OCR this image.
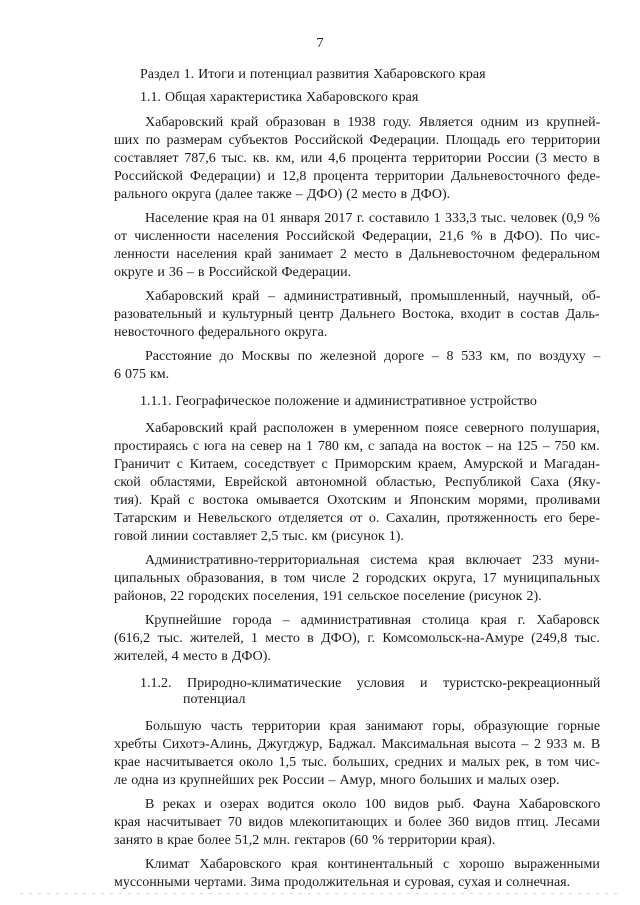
7
Раздел 1. Итоги и потенциал развития Хабаровского края
1.1. Общая характеристика Хабаровского края
Хабаровский край образован в 1938 году. Является одним из крупней-
ших по размерам субъектов Российской Федерации. Площадь его территории
составляет 787,6 тыс. кв. км, или 4,6 процента территории России (3 место в
Российской Федерации) и 12,8 процента территории Дальневосточного феде-
рального округа (далее также – ДФО) (2 место в ДФО).
Население края на 01 января 2017 г. составило 1 333,3 тыс. человек (0,9 %
от численности населения Российской Федерации, 21,6 % в ДФО). По чис-
ленности населения край занимает 2 место в Дальневосточном федеральном
округе и 36 – в Российской Федерации.
Хабаровский край – административный, промышленный, научный, об-
разовательный и культурный центр Дальнего Востока, входит в состав Даль-
невосточного федерального округа.
Расстояние до Москвы по железной дороге – 8 533 км, по воздуху –
6 075 км.
1.1.1. Географическое положение и административное устройство
Хабаровский край расположен в умеренном поясе северного полушария,
простираясь с юга на север на 1 780 км, с запада на восток – на 125 – 750 км.
Граничит с Китаем, соседствует с Приморским краем, Амурской и Магадан-
ской областями, Еврейской автономной областью, Республикой Саха (Яку-
тия). Край с востока омывается Охотским и Японским морями, проливами
Татарским и Невельского отделяется от о. Сахалин, протяженность его бере-
говой линии составляет 2,5 тыс. км (рисунок 1).
Административно-территориальная система края включает 233 муни-
ципальных образования, в том числе 2 городских округа, 17 муниципальных
районов, 22 городских поселения, 191 сельское поселение (рисунок 2).
Крупнейшие города – административная столица края г. Хабаровск
(616,2 тыс. жителей, 1 место в ДФО), г. Комсомольск-на-Амуре (249,8 тыс.
жителей, 4 место в ДФО).
1.1.2. Природно-климатические условия и туристско-рекреационный
потенциал
Большую часть территории края занимают горы, образующие горные
хребты Сихотэ-Алинь, Джугджур, Баджал. Максимальная высота – 2 933 м. В
крае насчитывается около 1,5 тыс. больших, средних и малых рек, в том чис-
ле одна из крупнейших рек России – Амур, много больших и малых озер.
В реках и озерах водится около 100 видов рыб. Фауна Хабаровского
края насчитывает 70 видов млекопитающих и более 360 видов птиц. Лесами
занято в крае более 51,2 млн. гектаров (60 % территории края).
Климат Хабаровского края континентальный с хорошо выраженными
муссонными чертами. Зима продолжительная и суровая, сухая и солнечная.
